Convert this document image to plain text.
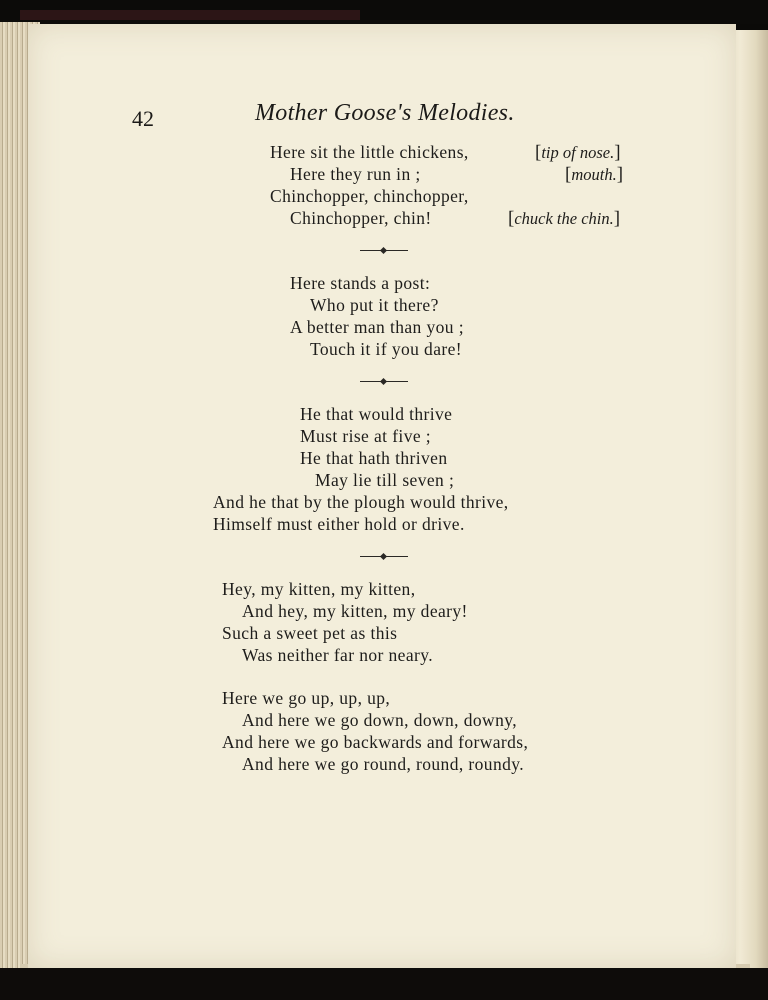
42	Mother Goose's Melodies.
Here sit the little chickens,
Here they run in ;
Chinchopper, chinchopper,
Chinchopper, chin!
[tip of nose.]
[mouth.]
[chuck the chin.]
Here stands a post:
Who put it there?
A better man than you ;
Touch it if you dare!
He that would thrive
Must rise at five ;
He that hath thriven
May lie till seven ;
And he that by the plough would thrive,
Himself must either hold or drive.
Hey, my kitten, my kitten,
And hey, my kitten, my deary!
Such a sweet pet as this
Was neither far nor neary.
Here we go up, up, up,
And here we go down, down, downy,
And here we go backwards and forwards,
And here we go round, round, roundy.
